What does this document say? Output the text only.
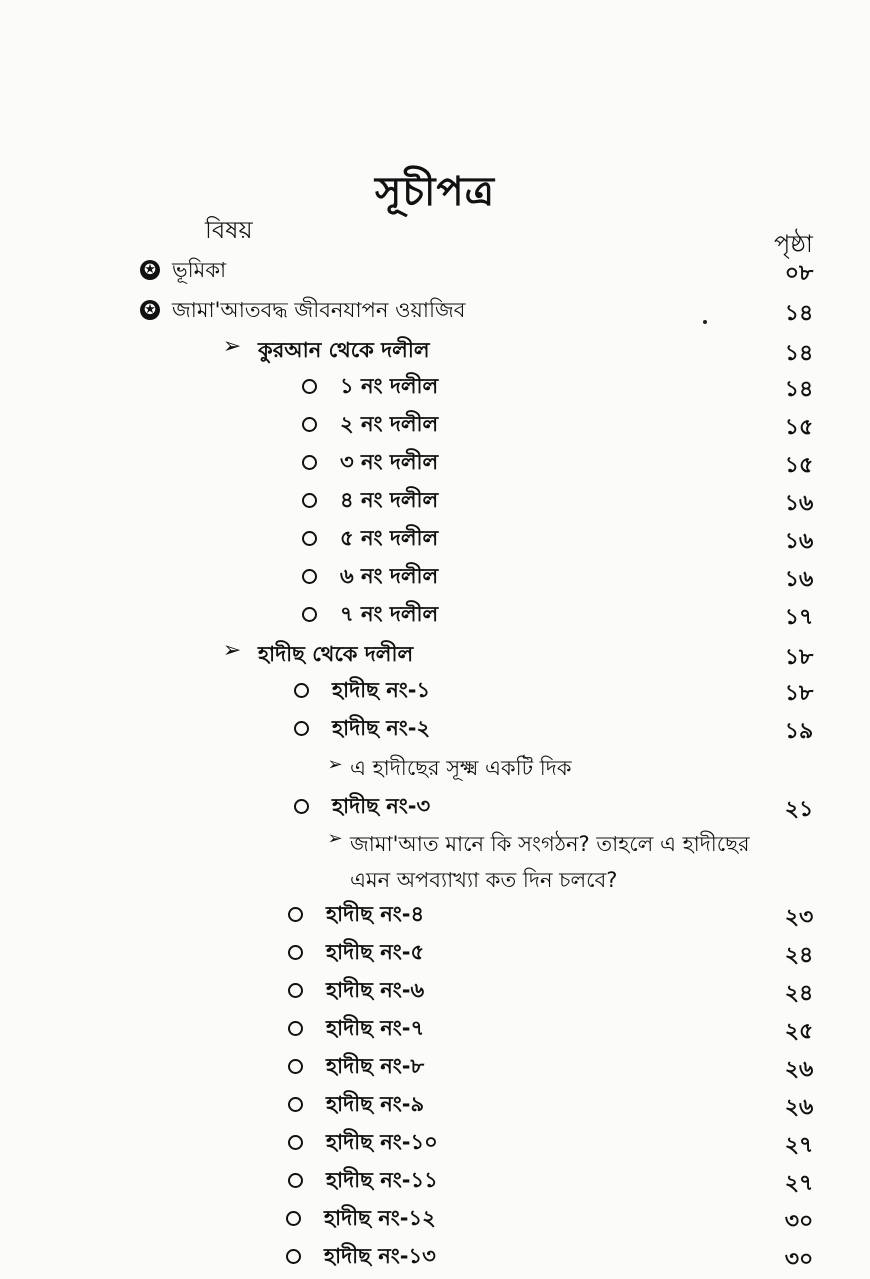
সূচীপত্র
বিষয়	পৃষ্ঠা
✪ ভূমিকা	০৮
✪ জামা'আতবদ্ধ জীবনযাপন ওয়াজিব	১৪
➢ কুরআন থেকে দলীল	১৪
১ নং দলীল	১৪
২ নং দলীল	১৫
৩ নং দলীল	১৫
৪ নং দলীল	১৬
৫ নং দলীল	১৬
৬ নং দলীল	১৬
৭ নং দলীল	১৭
➢ হাদীছ থেকে দলীল	১৮
হাদীছ নং-১	১৮
হাদীছ নং-২	১৯
➢ এ হাদীছের সূক্ষ্ম একটি দিক
হাদীছ নং-৩	২১
➢ জামা'আত মানে কি সংগঠন? তাহলে এ হাদীছের এমন অপব্যাখ্যা কত দিন চলবে?
হাদীছ নং-৪	২৩
হাদীছ নং-৫	২৪
হাদীছ নং-৬	২৪
হাদীছ নং-৭	২৫
হাদীছ নং-৮	২৬
হাদীছ নং-৯	২৬
হাদীছ নং-১০	২৭
হাদীছ নং-১১	২৭
হাদীছ নং-১২	৩০
হাদীছ নং-১৩	৩০
